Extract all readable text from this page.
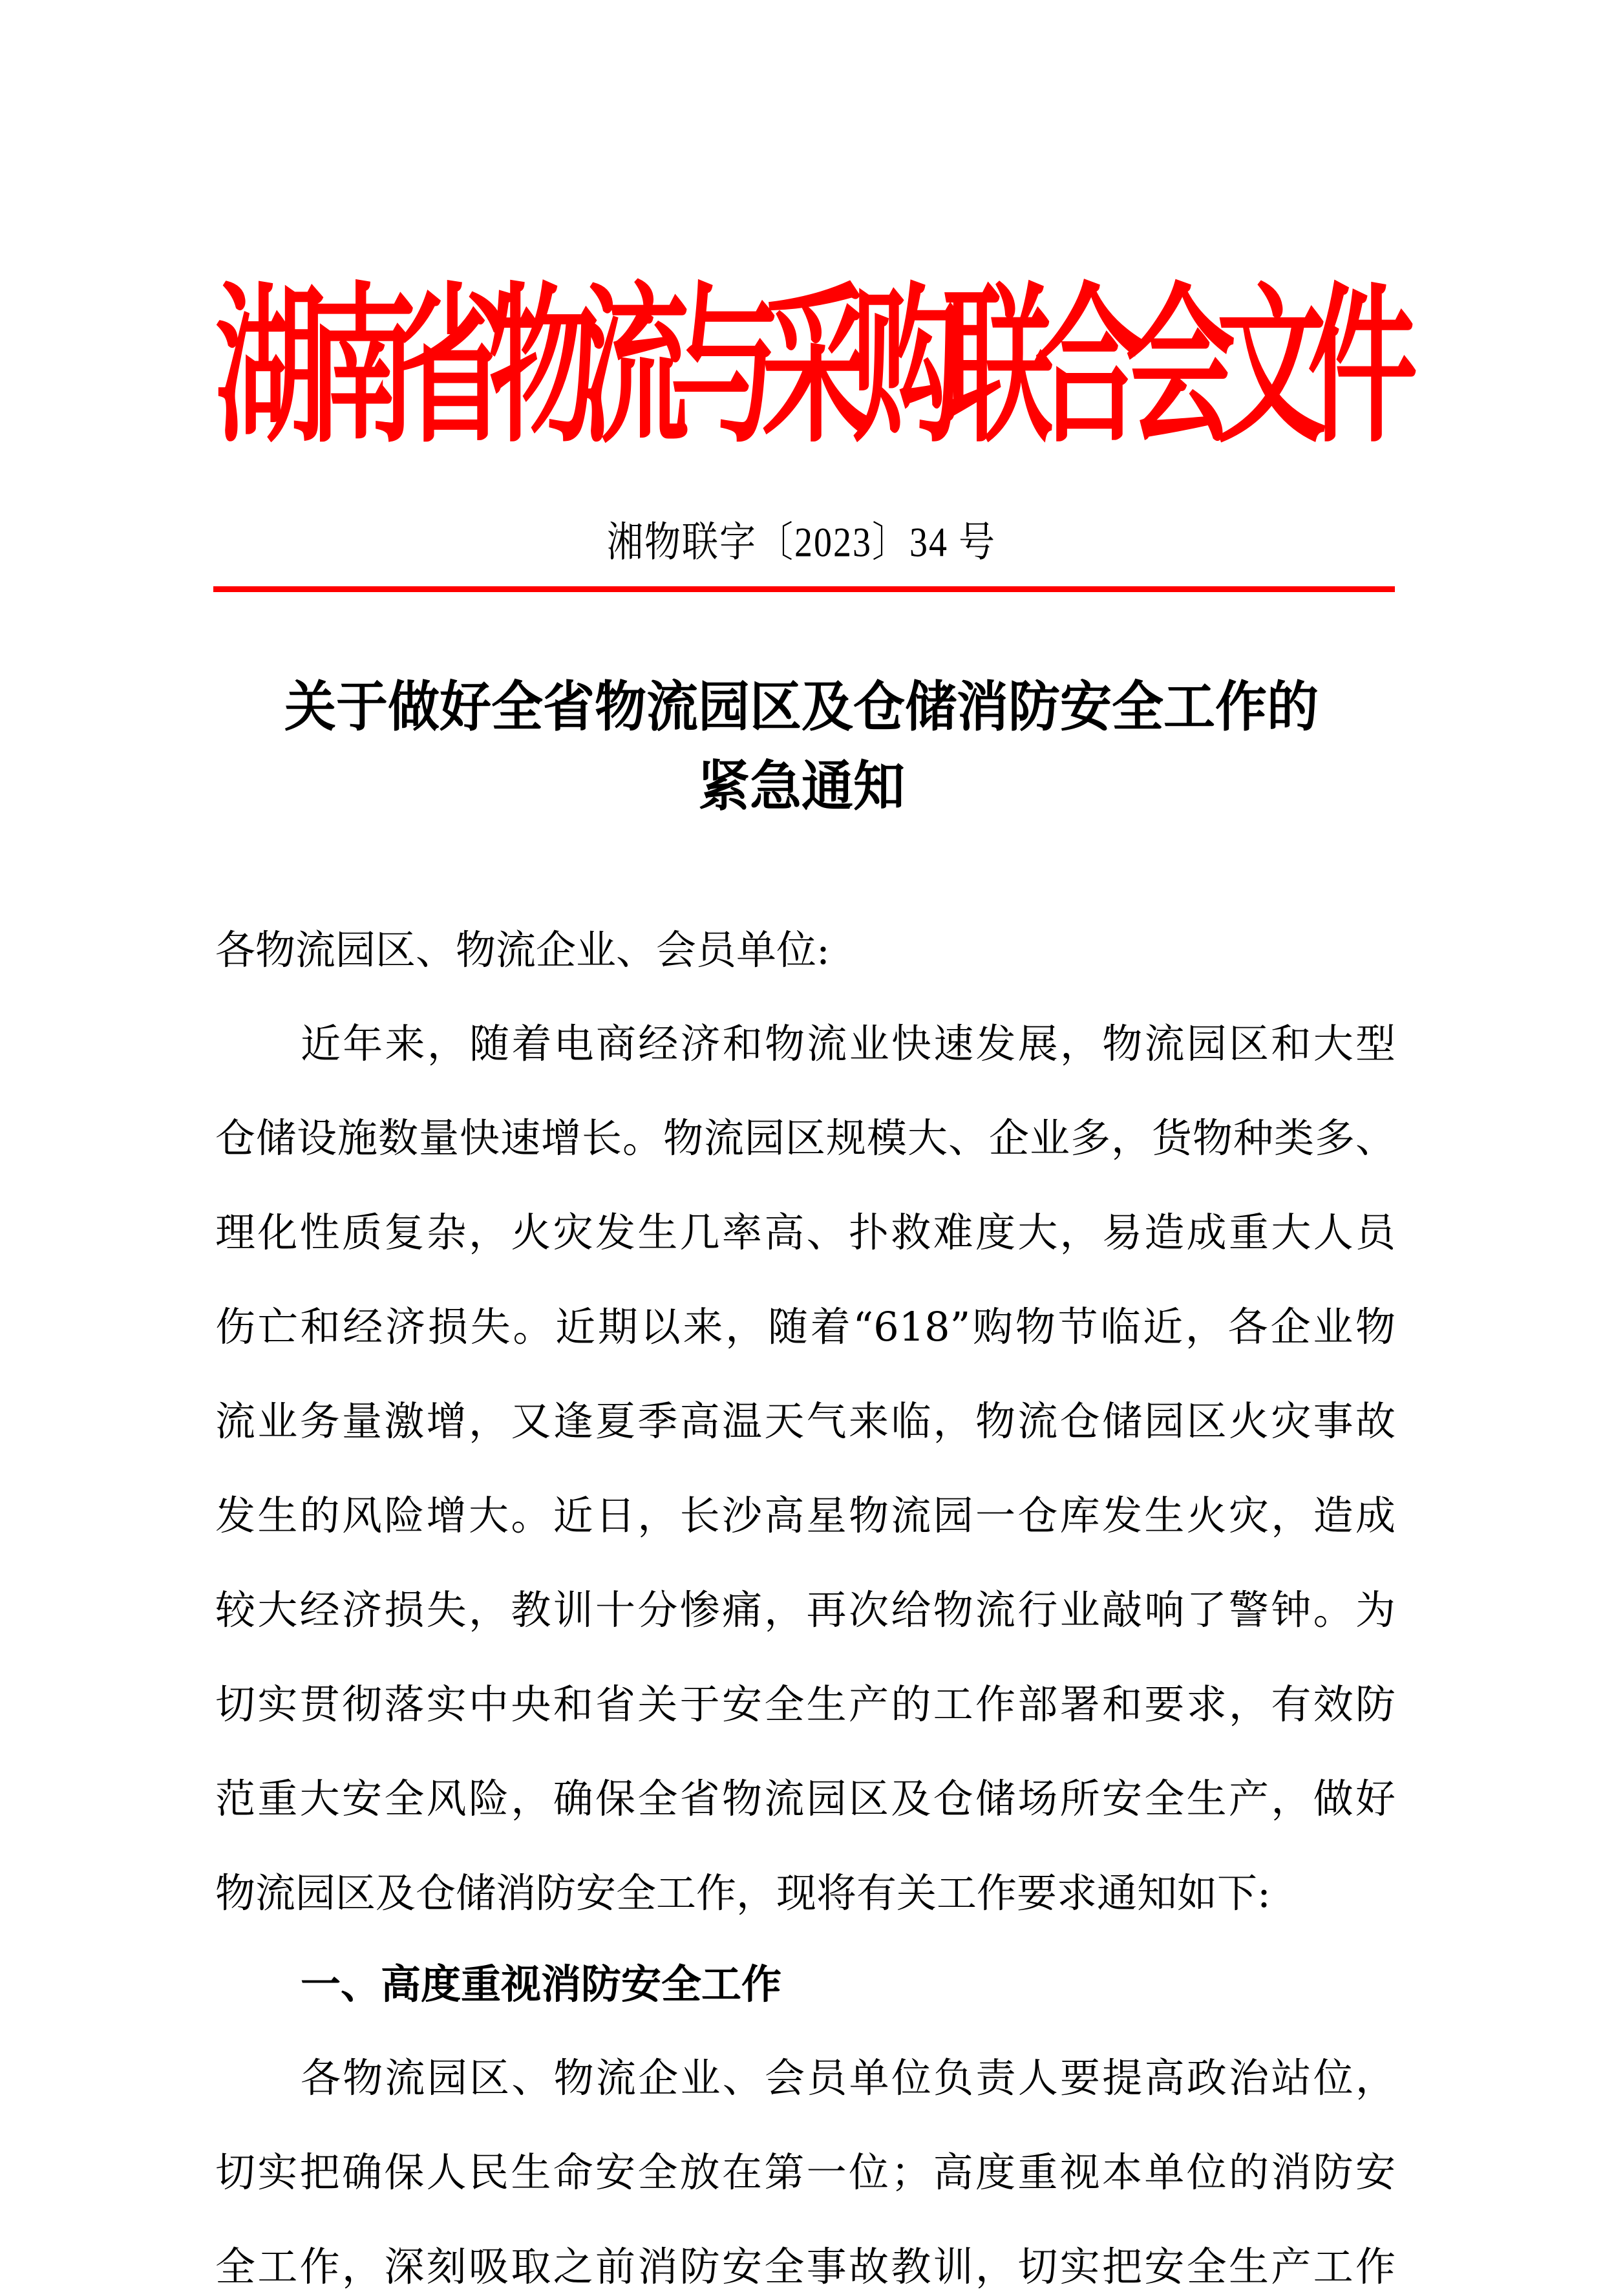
湖
南
省
物
流
与
采
购
联
合
会
文
件
湘物联字〔2023〕34 号
关于做好全省物流园区及仓储消防安全工作的
紧急通知
各物流园区、物流企业、会员单位:
近年来，随着电商经济和物流业快速发展，物流园区和大型
仓储设施数量快速增长。物流园区规模大、企业多，货物种类多、
理化性质复杂，火灾发生几率高、扑救难度大，易造成重大人员
伤亡和经济损失。近期以来，随着“618”购物节临近，各企业物
流业务量激增，又逢夏季高温天气来临，物流仓储园区火灾事故
发生的风险增大。近日，长沙高星物流园一仓库发生火灾，造成
较大经济损失，教训十分惨痛，再次给物流行业敲响了警钟。为
切实贯彻落实中央和省关于安全生产的工作部署和要求，有效防
范重大安全风险，确保全省物流园区及仓储场所安全生产，做好
物流园区及仓储消防安全工作，现将有关工作要求通知如下:
一、高度重视消防安全工作
各物流园区、物流企业、会员单位负责人要提高政治站位，
切实把确保人民生命安全放在第一位；高度重视本单位的消防安
全工作，深刻吸取之前消防安全事故教训，切实把安全生产工作
